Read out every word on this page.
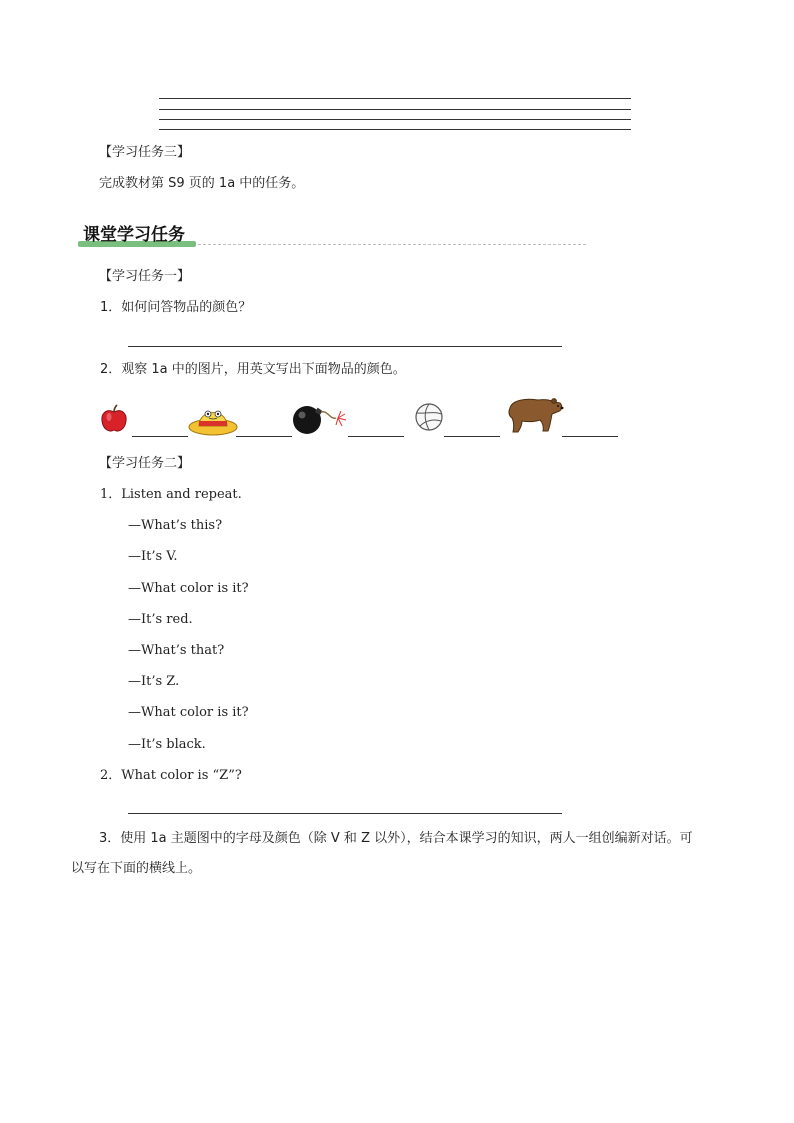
【学习任务三】
完成教材第 S9 页的 1a 中的任务。
课堂学习任务
【学习任务一】
1．如何问答物品的颜色？
2．观察 1a 中的图片，用英文写出下面物品的颜色。
【学习任务二】
1．Listen and repeat.
—What’s this?
—It’s V.
—What color is it?
—It’s red.
—What’s that?
—It’s Z.
—What color is it?
—It’s black.
2．What color is “Z”?
3．使用 1a 主题图中的字母及颜色（除 V 和 Z 以外），结合本课学习的知识，两人一组创编新对话。可
以写在下面的横线上。
